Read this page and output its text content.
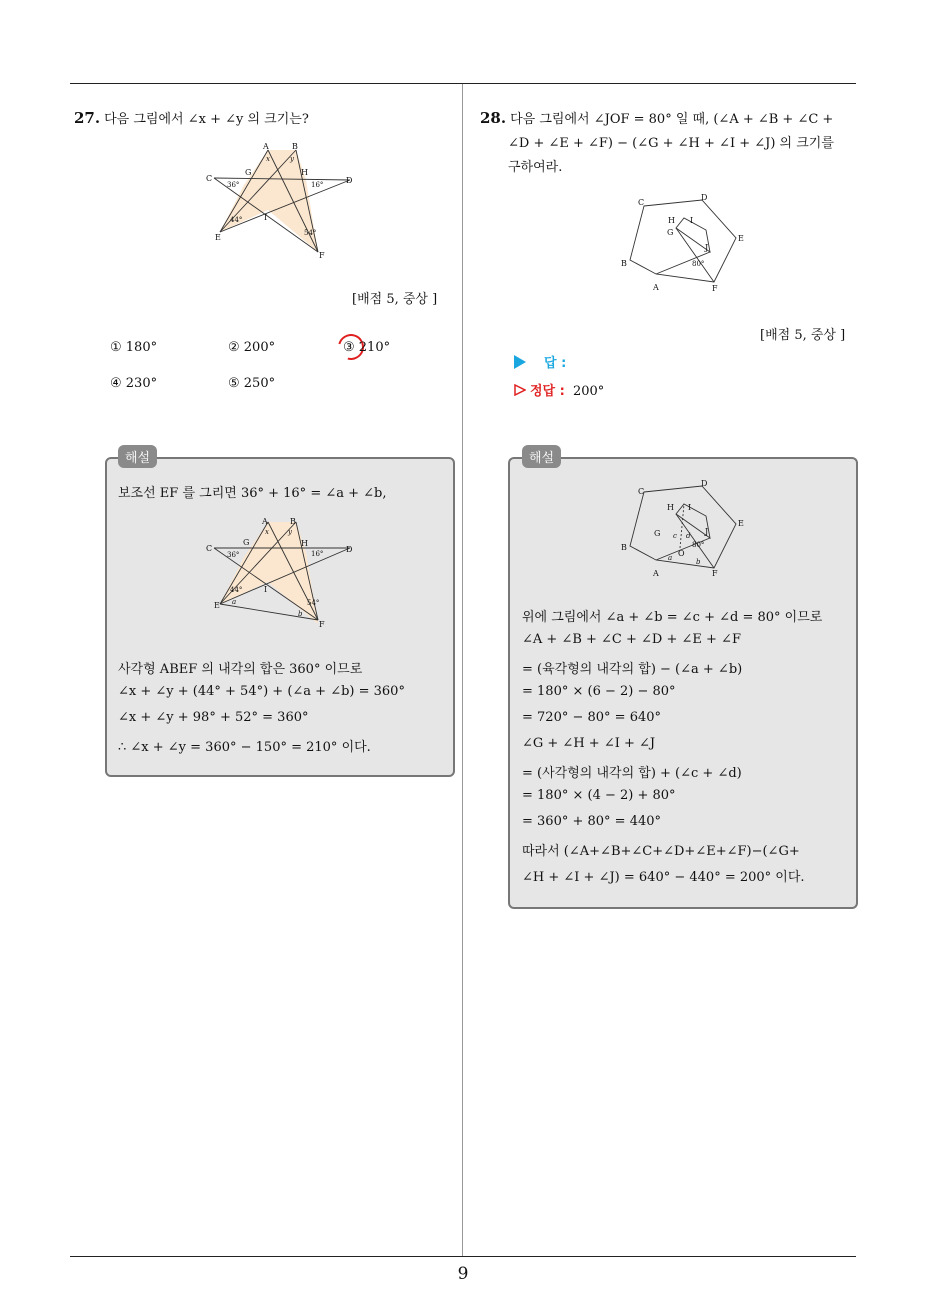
9
27. 다음 그림에서 ∠x + ∠y 의 크기는?
A	B
C	D
E
F
G	H
I
36°	16°
44°
54°
x	y
[배점 5, 중상 ]
① 180°	② 200°	③ 210°
④ 230°	⑤ 250°
해설
보조선 EF 를 그리면 36° + 16° = ∠a + ∠b,
A	B
C	D
E
F
G	H
I
36°	16°
44°
54°
x	y
a
b
사각형 ABEF 의 내각의 합은 360° 이므로
∠x + ∠y + (44° + 54°) + (∠a + ∠b) = 360°
∠x + ∠y + 98° + 52° = 360°
∴ ∠x + ∠y = 360° − 150° = 210° 이다.
28. 다음 그림에서 ∠JOF = 80° 일 때, (∠A + ∠B + ∠C +
∠D + ∠E + ∠F) − (∠G + ∠H + ∠I + ∠J) 의 크기를
구하여라.
A
B
C
D
E
F
G
H I
J
80°
[배점 5, 중상 ]
답 :
정답 : 200°
해설
A
B
C
D
E
F
G
H I
J
80°
O
a	b
c d
위에 그림에서 ∠a + ∠b = ∠c + ∠d = 80° 이므로
∠A + ∠B + ∠C + ∠D + ∠E + ∠F
= (육각형의 내각의 합) − (∠a + ∠b)
= 180° × (6 − 2) − 80°
= 720° − 80° = 640°
∠G + ∠H + ∠I + ∠J
= (사각형의 내각의 합) + (∠c + ∠d)
= 180° × (4 − 2) + 80°
= 360° + 80° = 440°
따라서 (∠A+∠B+∠C+∠D+∠E+∠F)−(∠G+
∠H + ∠I + ∠J) = 640° − 440° = 200° 이다.
